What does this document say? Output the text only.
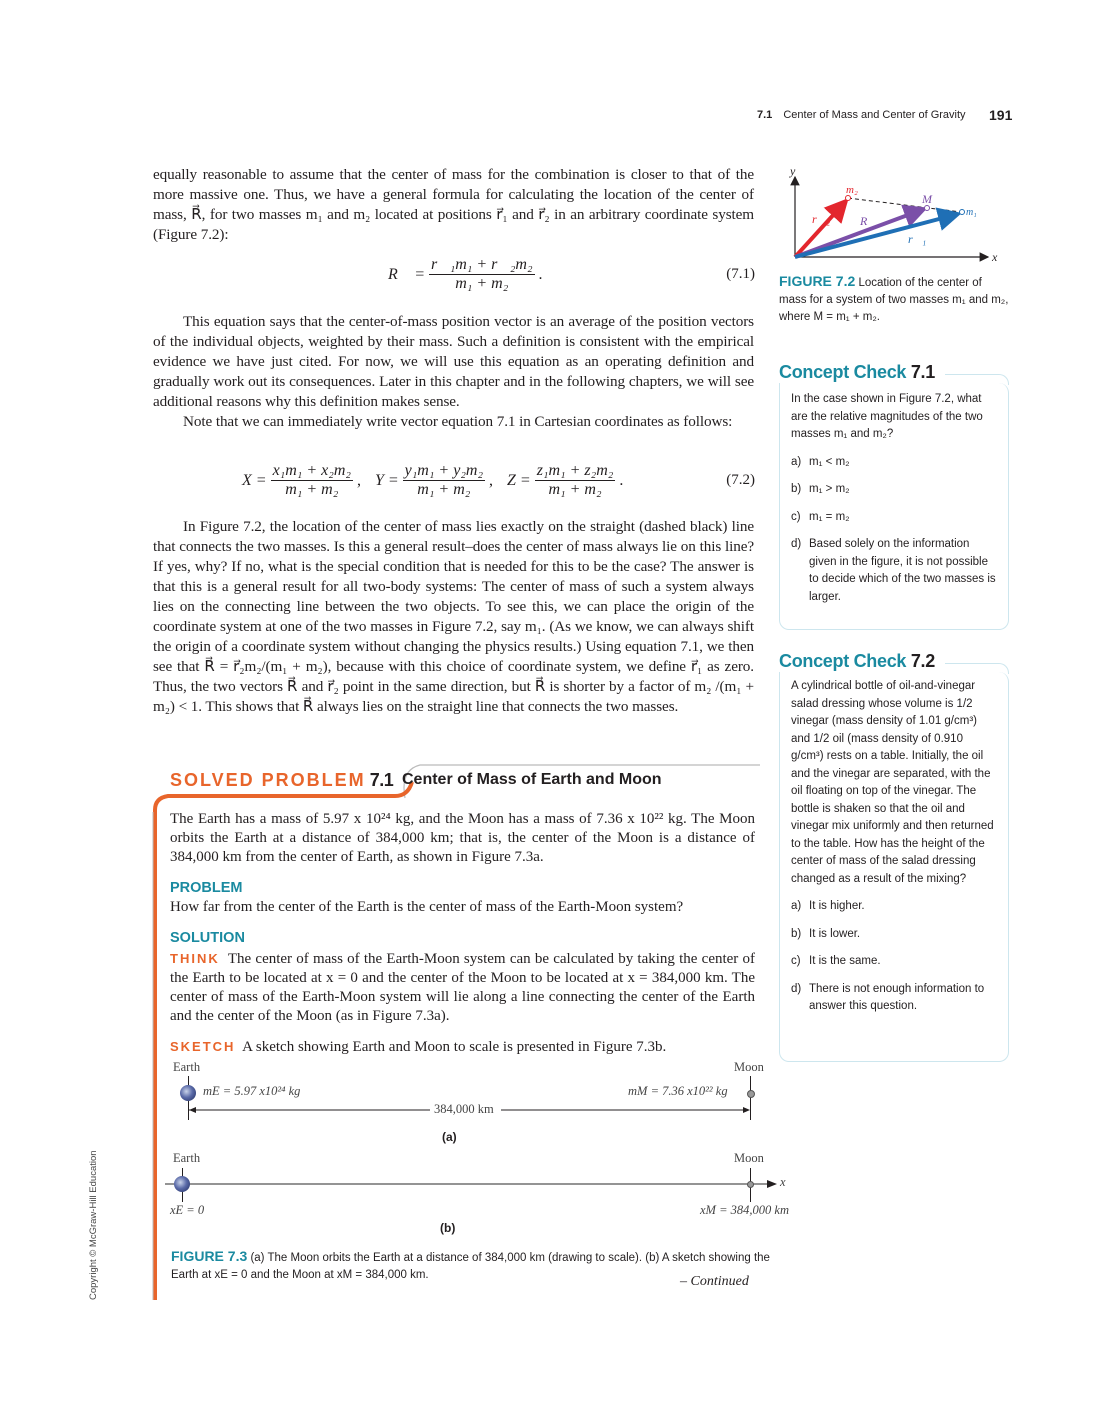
7.1 Center of Mass and Center of Gravity 191
equally reasonable to assume that the center of mass for the combination is closer to that of the more massive one. Thus, we have a general formula for calculating the location of the center of mass, R⃗, for two masses m₁ and m₂ located at positions r⃗₁ and r⃗₂ in an arbitrary coordinate system (Figure 7.2):
R⃗ = $\frac{\text{r⃗₁m₁ + r⃗₂m₂}}{\text{m₁ + m₂}}$ .	(7.1)
This equation says that the center-of-mass position vector is an average of the position vectors of the individual objects, weighted by their mass. Such a definition is consistent with the empirical evidence we have just cited. For now, we will use this equation as an operating definition and gradually work out its consequences. Later in this chapter and in the following chapters, we will see additional reasons why this definition makes sense.
Note that we can immediately write vector equation 7.1 in Cartesian coordinates as follows:
$X = \frac{\text{x₁m₁ + x₂m₂}}{\text{m₁ + m₂}}$ , $Y = \frac{\text{y₁m₁ + y₂m₂}}{\text{m₁ + m₂}}$ , $Z = \frac{\text{z₁m₁ + z₂m₂}}{\text{m₁ + m₂}}$ .	(7.2)
In Figure 7.2, the location of the center of mass lies exactly on the straight (dashed black) line that connects the two masses. Is this a general result–does the center of mass always lie on this line? If yes, why? If no, what is the special condition that is needed for this to be the case? The answer is that this is a general result for all two-body systems: The center of mass of such a system always lies on the connecting line between the two objects. To see this, we can place the origin of the coordinate system at one of the two masses in Figure 7.2, say m₁. (As we know, we can always shift the origin of a coordinate system without changing the physics results.) Using equation 7.1, we then see that R⃗ = r⃗₂m₂/(m₁ + m₂), because with this choice of coordinate system, we define r⃗₁ as zero. Thus, the two vectors R⃗ and r⃗₂ point in the same direction, but R⃗ is shorter by a factor of m₂ /(m₁ + m₂) < 1. This shows that R⃗ always lies on the straight line that connects the two masses.
y
x
m₂
M
m₁
r⃗₂ R⃗
r⃗₁
FIGURE 7.2 Location of the center of mass for a system of two masses m₁ and m₂, where M = m₁ + m₂.
Concept Check 7.1
In the case shown in Figure 7.2, what are the relative magnitudes of the two masses m₁ and m₂?
a) m₁ < m₂
b) m₁ > m₂
c) m₁ = m₂
d) Based solely on the information given in the figure, it is not possible to decide which of the two masses is larger.
Concept Check 7.2
A cylindrical bottle of oil-and-vinegar salad dressing whose volume is 1/2 vinegar (mass density of 1.01 g/cm³) and 1/2 oil (mass density of 0.910 g/cm³) rests on a table. Initially, the oil and the vinegar are separated, with the oil floating on top of the vinegar. The bottle is shaken so that the oil and vinegar mix uniformly and then returned to the table. How has the height of the center of mass of the salad dressing changed as a result of the mixing?
a) It is higher.
b) It is lower.
c) It is the same.
d) There is not enough information to answer this question.
SOLVED PROBLEM 7.1 Center of Mass of Earth and Moon
The Earth has a mass of 5.97 x 10²⁴ kg, and the Moon has a mass of 7.36 x 10²² kg. The Moon orbits the Earth at a distance of 384,000 km; that is, the center of the Moon is a distance of 384,000 km from the center of Earth, as shown in Figure 7.3a.
PROBLEM
How far from the center of the Earth is the center of mass of the Earth-Moon system?
SOLUTION
THINK The center of mass of the Earth-Moon system can be calculated by taking the center of the Earth to be located at x = 0 and the center of the Moon to be located at x = 384,000 km. The center of mass of the Earth-Moon system will lie along a line connecting the center of the Earth and the center of the Moon (as in Figure 7.3a).
SKETCH A sketch showing Earth and Moon to scale is presented in Figure 7.3b.
Earth	Moon
mE = 5.97 x10²⁴ kg	mM = 7.36 x10²² kg
384,000 km
(a)
Earth	Moon
x
xE = 0	xM = 384,000 km
(b)
FIGURE 7.3 (a) The Moon orbits the Earth at a distance of 384,000 km (drawing to scale). (b) A sketch showing the Earth at xE = 0 and the Moon at xM = 384,000 km.	– Continued
Copyright © McGraw-Hill Education
